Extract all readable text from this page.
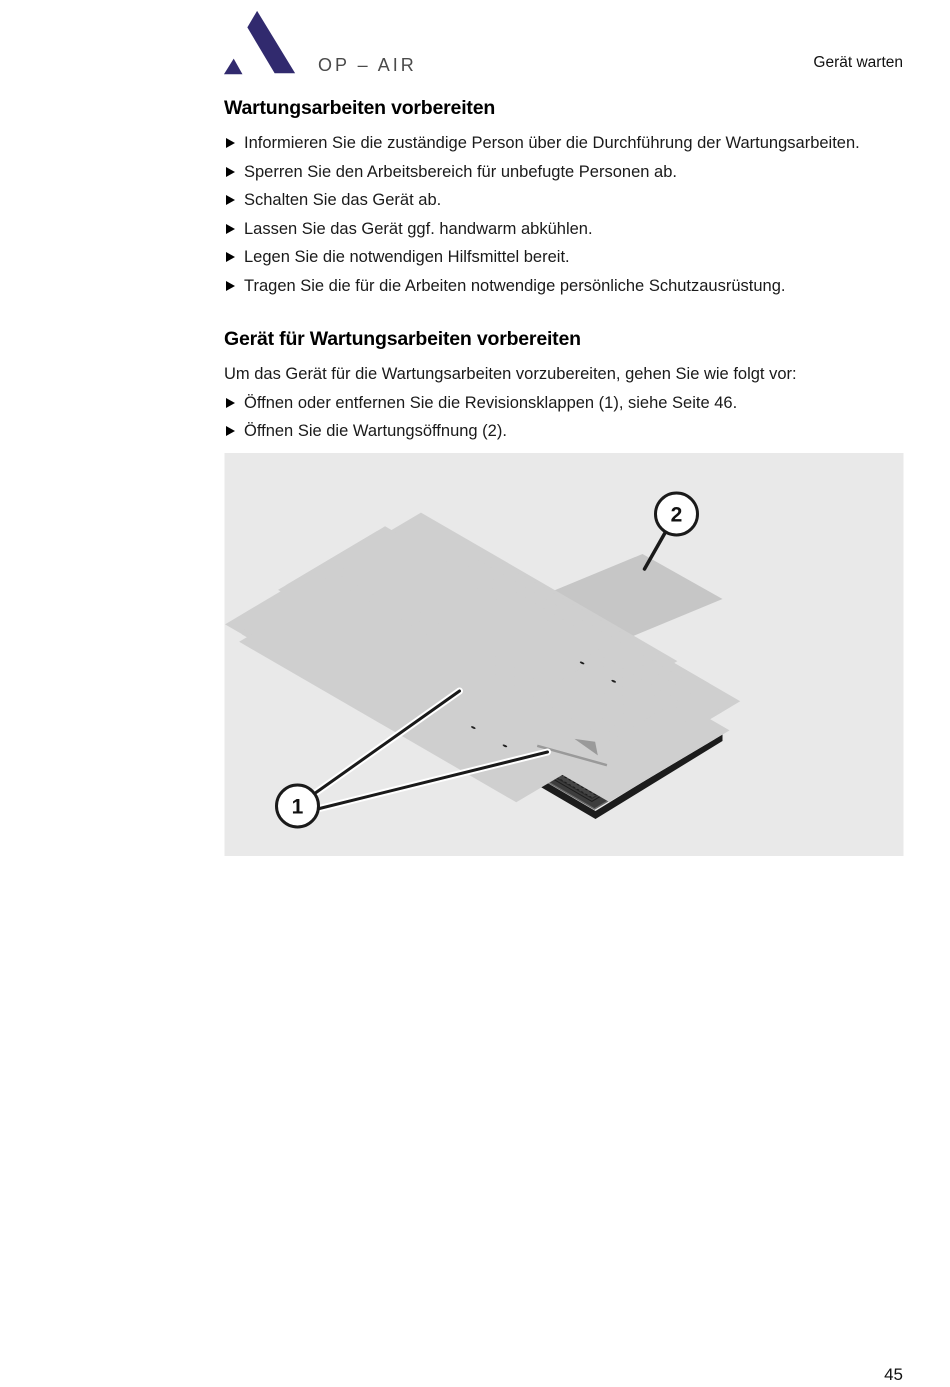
OP – AIR	Gerät warten
Wartungsarbeiten vorbereiten
Informieren Sie die zuständige Person über die Durchführung der Wartungsarbeiten.
Sperren Sie den Arbeitsbereich für unbefugte Personen ab.
Schalten Sie das Gerät ab.
Lassen Sie das Gerät ggf. handwarm abkühlen.
Legen Sie die notwendigen Hilfsmittel bereit.
Tragen Sie die für die Arbeiten notwendige persönliche Schutzausrüstung.
Gerät für Wartungsarbeiten vorbereiten

Um das Gerät für die Wartungsarbeiten vorzubereiten, gehen Sie wie folgt vor:

Öffnen oder entfernen Sie die Revisionsklappen (1), siehe Seite 46.
Öffnen Sie die Wartungsöffnung (2).
2
1
45
